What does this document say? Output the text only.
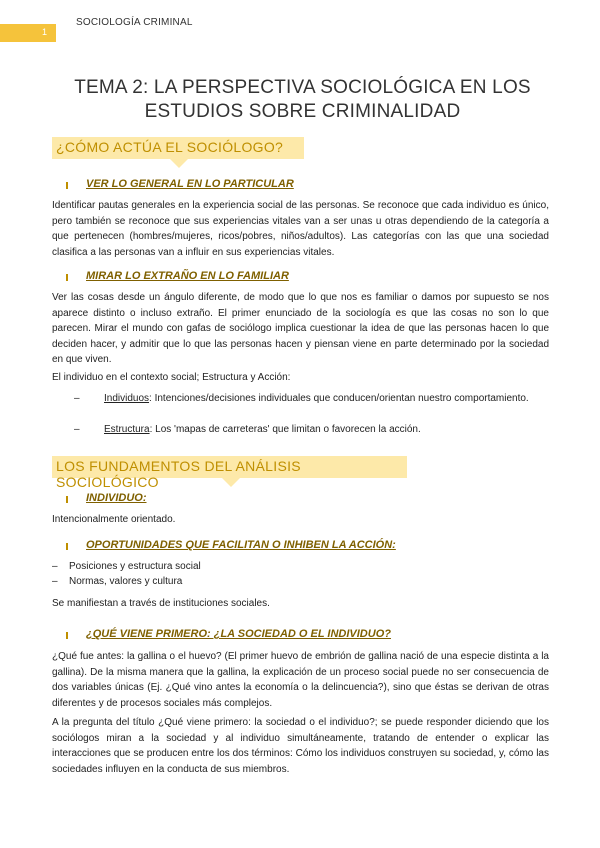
1
SOCIOLOGÍA CRIMINAL
TEMA 2: LA PERSPECTIVA SOCIOLÓGICA EN LOS
ESTUDIOS SOBRE CRIMINALIDAD
¿CÓMO ACTÚA EL SOCIÓLOGO?
VER LO GENERAL EN LO PARTICULAR
Identificar pautas generales en la experiencia social de las personas. Se reconoce que cada individuo es único, pero también se reconoce que sus experiencias vitales van a ser unas u otras dependiendo de la categoría a que pertenecen (hombres/mujeres, ricos/pobres, niños/adultos). Las categorías con las que una sociedad clasifica a las personas van a influir en sus experiencias vitales.
MIRAR LO EXTRAÑO EN LO FAMILIAR
Ver las cosas desde un ángulo diferente, de modo que lo que nos es familiar o damos por supuesto se nos aparece distinto o incluso extraño. El primer enunciado de la sociología es que las cosas no son lo que parecen. Mirar el mundo con gafas de sociólogo implica cuestionar la idea de que las personas hacen lo que deciden hacer, y admitir que lo que las personas hacen y piensan viene en parte determinado por la sociedad en que viven.
El individuo en el contexto social; Estructura y Acción:
– Individuos: Intenciones/decisiones individuales que conducen/orientan nuestro comportamiento.
– Estructura: Los 'mapas de carreteras' que limitan o favorecen la acción.
LOS FUNDAMENTOS DEL ANÁLISIS SOCIOLÓGICO
INDIVIDUO:
Intencionalmente orientado.
OPORTUNIDADES QUE FACILITAN O INHIBEN LA ACCIÓN:
– Posiciones y estructura social
– Normas, valores y cultura
Se manifiestan a través de instituciones sociales.
¿QUÉ VIENE PRIMERO: ¿LA SOCIEDAD O EL INDIVIDUO?
¿Qué fue antes: la gallina o el huevo? (El primer huevo de embrión de gallina nació de una especie distinta a la gallina). De la misma manera que la gallina, la explicación de un proceso social puede no ser consecuencia de dos variables únicas (Ej. ¿Qué vino antes la economía o la delincuencia?), sino que éstas se derivan de otras diferentes y de procesos sociales más complejos.
A la pregunta del título ¿Qué viene primero: la sociedad o el individuo?; se puede responder diciendo que los sociólogos miran a la sociedad y al individuo simultáneamente, tratando de entender o explicar las interacciones que se producen entre los dos términos: Cómo los individuos construyen su sociedad, y, cómo las sociedades influyen en la conducta de sus miembros.
